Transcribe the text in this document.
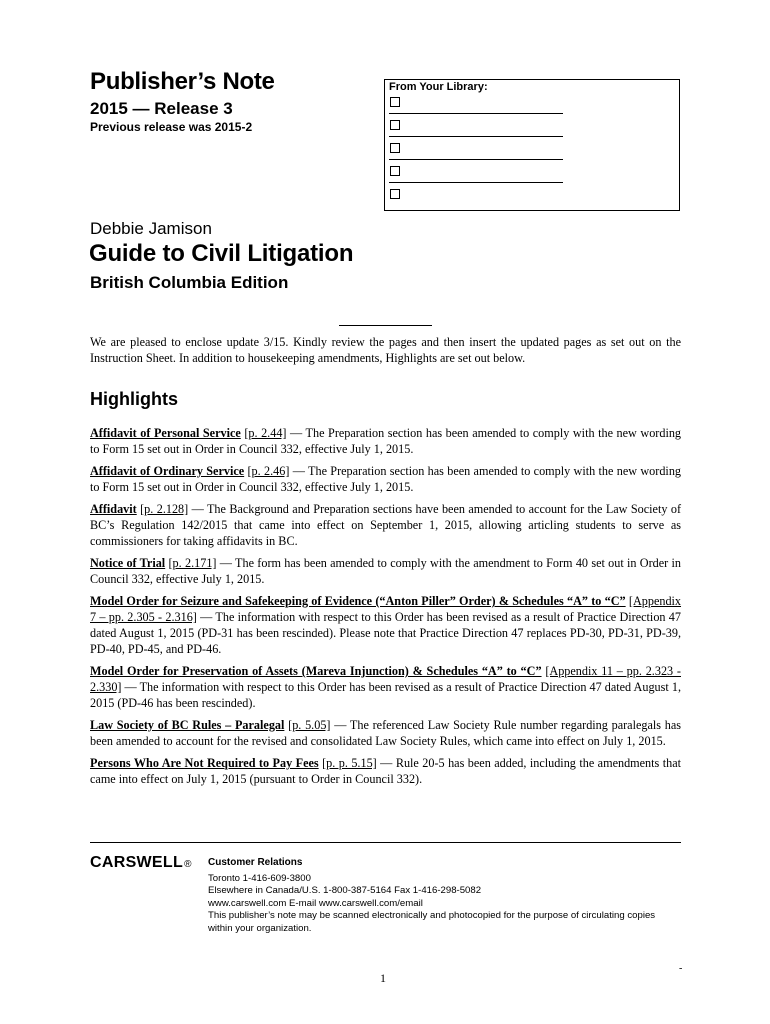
Publisher’s Note
2015 — Release 3
Previous release was 2015-2
From Your Library:
Debbie Jamison
Guide to Civil Litigation
British Columbia Edition

We are pleased to enclose update 3/15. Kindly review the pages and then insert the updated pages as set out on the Instruction Sheet. In addition to housekeeping amendments, Highlights are set out below.

Highlights

Affidavit of Personal Service [p. 2.44] — The Preparation section has been amended to comply with the new wording to Form 15 set out in Order in Council 332, effective July 1, 2015.

Affidavit of Ordinary Service [p. 2.46] — The Preparation section has been amended to comply with the new wording to Form 15 set out in Order in Council 332, effective July 1, 2015.

Affidavit [p. 2.128] — The Background and Preparation sections have been amended to account for the Law Society of BC’s Regulation 142/2015 that came into effect on September 1, 2015, allowing articling students to serve as commissioners for taking affidavits in BC.

Notice of Trial [p. 2.171] — The form has been amended to comply with the amendment to Form 40 set out in Order in Council 332, effective July 1, 2015.

Model Order for Seizure and Safekeeping of Evidence (“Anton Piller” Order) & Schedules “A” to “C” [Appendix 7 – pp. 2.305 - 2.316] — The information with respect to this Order has been revised as a result of Practice Direction 47 dated August 1, 2015 (PD-31 has been rescinded). Please note that Practice Direction 47 replaces PD-30, PD-31, PD-39, PD-40, PD-45, and PD-46.

Model Order for Preservation of Assets (Mareva Injunction) & Schedules “A” to “C” [Appendix 11 – pp. 2.323 - 2.330] — The information with respect to this Order has been revised as a result of Practice Direction 47 dated August 1, 2015 (PD-46 has been rescinded).

Law Society of BC Rules – Paralegal [p. 5.05] — The referenced Law Society Rule number regarding paralegals has been amended to account for the revised and consolidated Law Society Rules, which came into effect on July 1, 2015.

Persons Who Are Not Required to Pay Fees [p. p. 5.15] — Rule 20-5 has been added, including the amendments that came into effect on July 1, 2015 (pursuant to Order in Council 332).

CARSWELL® Customer Relations
Toronto 1-416-609-3800
Elsewhere in Canada/U.S. 1-800-387-5164 Fax 1-416-298-5082
www.carswell.com E-mail www.carswell.com/email
This publisher’s note may be scanned electronically and photocopied for the purpose of circulating copies
within your organization.
1
-
